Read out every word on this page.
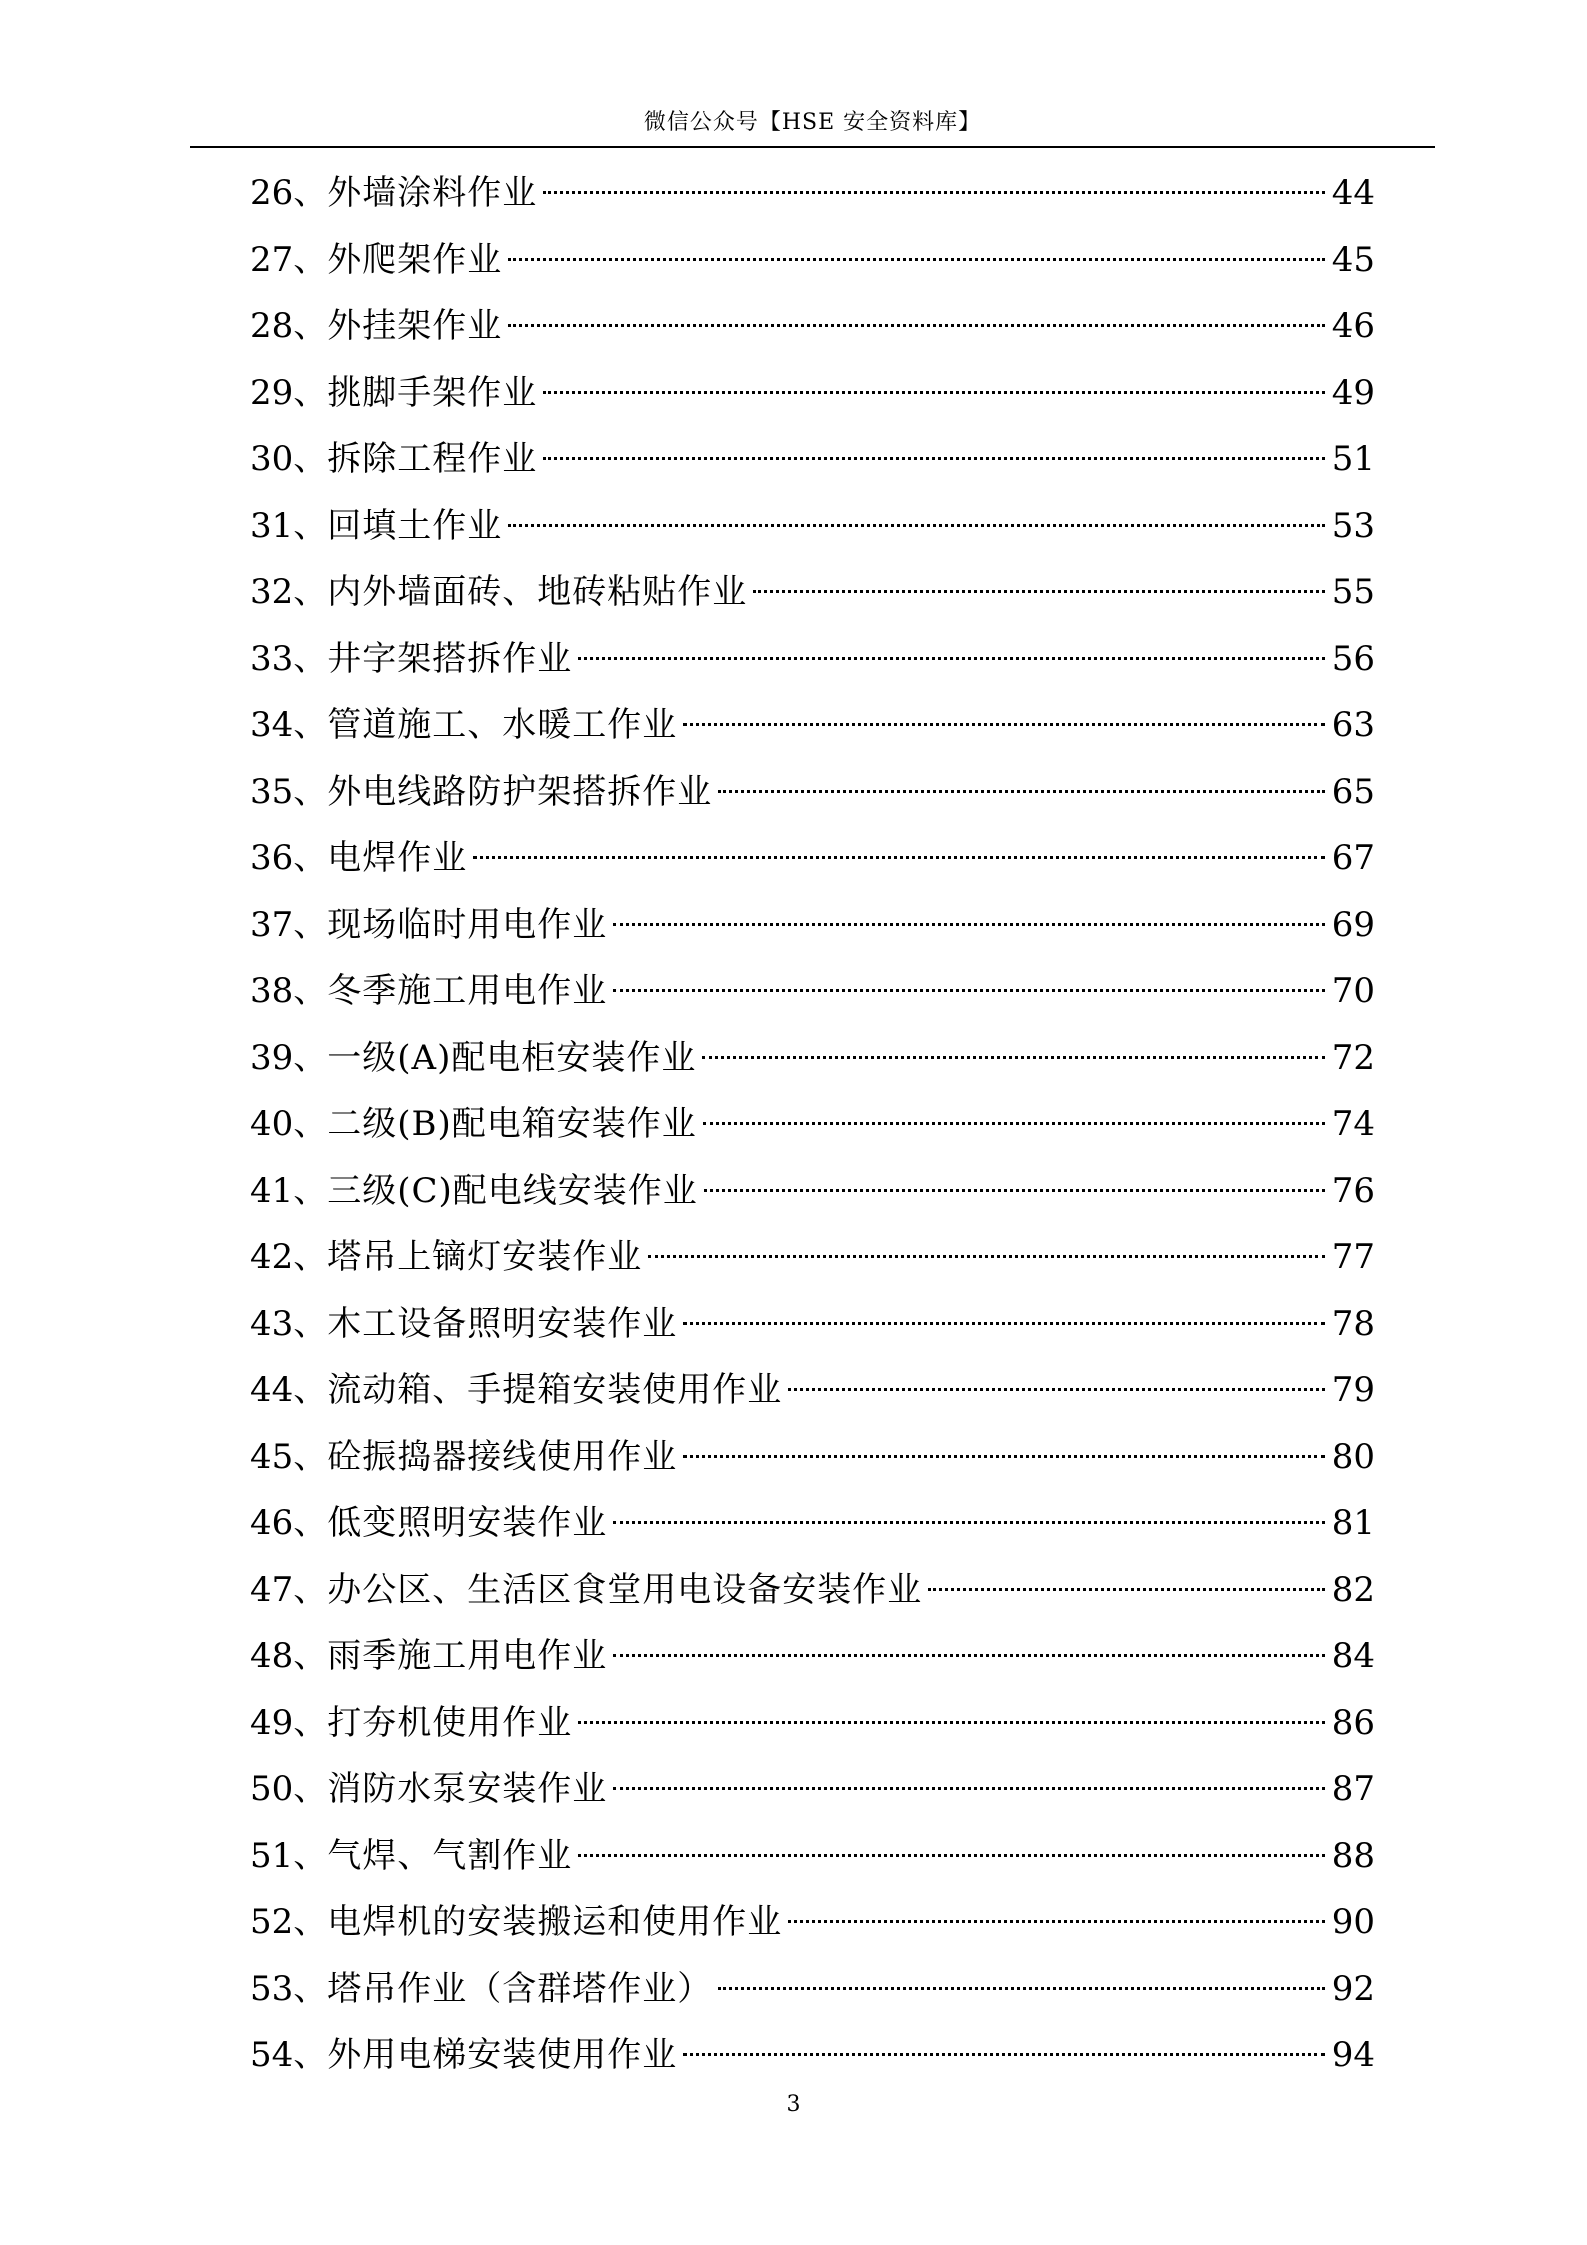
微信公众号【HSE 安全资料库】
26、 外墙涂料作业	44
27、 外爬架作业	45
28、 外挂架作业	46
29、 挑脚手架作业	49
30、 拆除工程作业	51
31、 回填土作业	53
32、 内外墙面砖、地砖粘贴作业	55
33、 井字架搭拆作业	56
34、 管道施工、水暖工作业	63
35、 外电线路防护架搭拆作业	65
36、 电焊作业	67
37、 现场临时用电作业	69
38、 冬季施工用电作业	70
39、 一级(A)配电柜安装作业	72
40、 二级(B)配电箱安装作业	74
41、 三级(C)配电线安装作业	76
42、 塔吊上镝灯安装作业	77
43、 木工设备照明安装作业	78
44、 流动箱、手提箱安装使用作业	79
45、 砼振捣器接线使用作业	80
46、 低变照明安装作业	81
47、 办公区、生活区食堂用电设备安装作业	82
48、 雨季施工用电作业	84
49、 打夯机使用作业	86
50、 消防水泵安装作业	87
51、 气焊、气割作业	88
52、 电焊机的安装搬运和使用作业	90
53、 塔吊作业（含群塔作业）	92
54、 外用电梯安装使用作业	94
3
